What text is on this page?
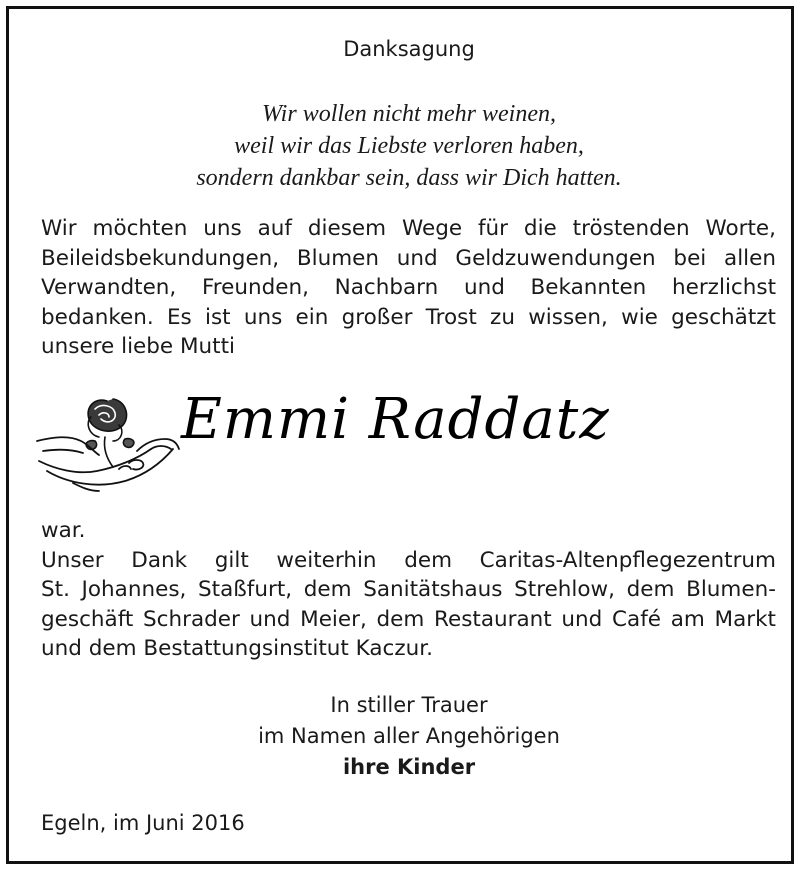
Danksagung
Wir wollen nicht mehr weinen,
weil wir das Liebste verloren haben,
sondern dankbar sein, dass wir Dich hatten.
Wir möchten uns auf diesem Wege für die tröstenden Worte,
Beileidsbekundungen, Blumen und Geldzuwendungen bei allen
Verwandten, Freunden, Nachbarn und Bekannten herzlichst
bedanken. Es ist uns ein großer Trost zu wissen, wie geschätzt
unsere liebe Mutti
Emmi Raddatz
war.
Unser Dank gilt weiterhin dem Caritas-Altenpflegezentrum
St. Johannes, Staßfurt, dem Sanitätshaus Strehlow, dem Blumen-
geschäft Schrader und Meier, dem Restaurant und Café am Markt
und dem Bestattungsinstitut Kaczur.
In stiller Trauer
im Namen aller Angehörigen
ihre Kinder
Egeln, im Juni 2016
